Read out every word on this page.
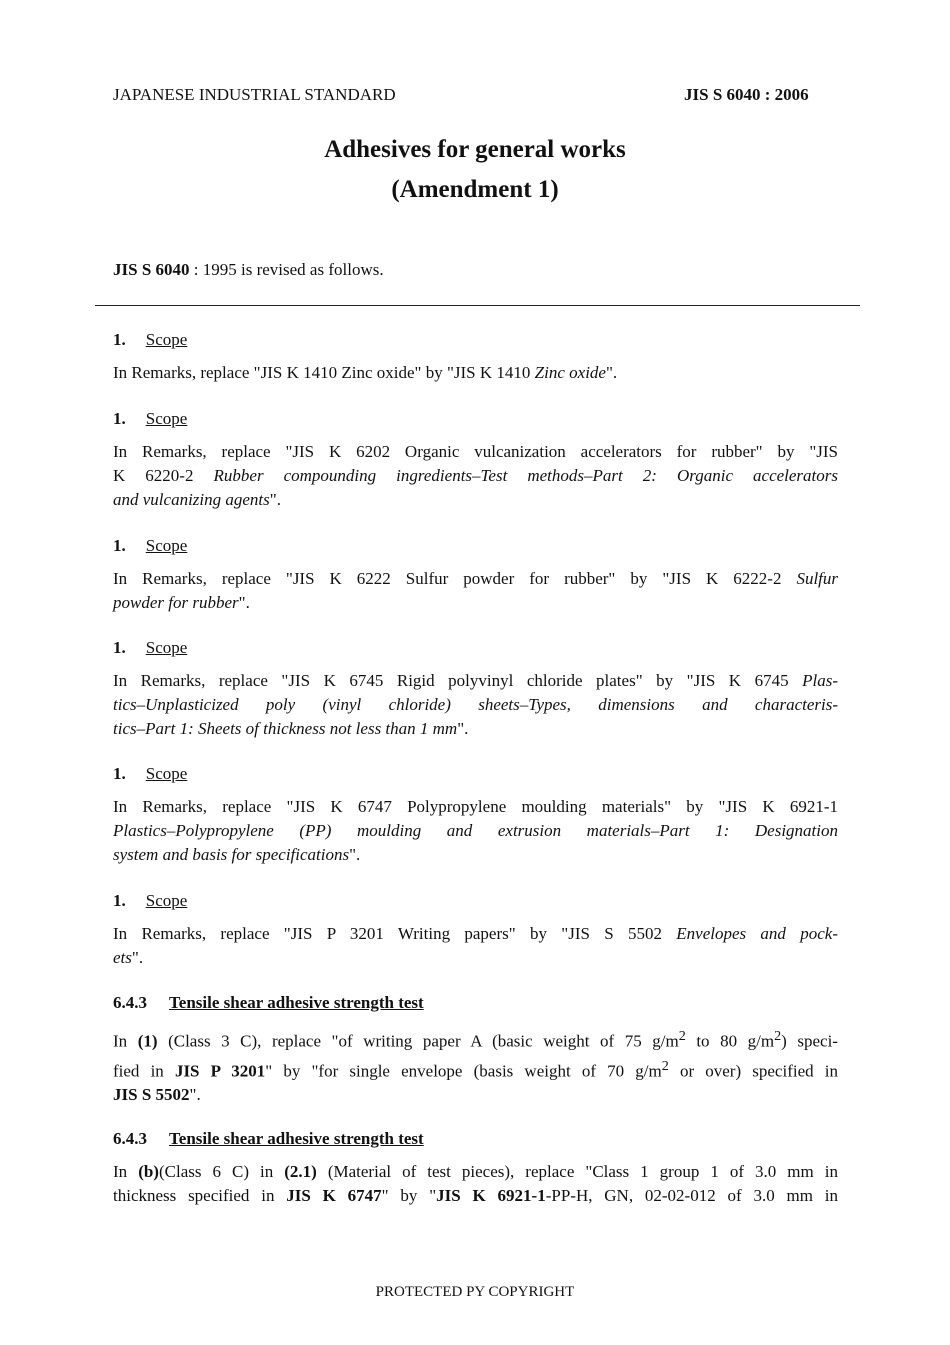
JAPANESE INDUSTRIAL STANDARD	JIS S 6040 : 2006
Adhesives for general works
(Amendment 1)
JIS S 6040 : 1995 is revised as follows.
1. Scope
In Remarks, replace "JIS K 1410 Zinc oxide" by "JIS K 1410 Zinc oxide".
1. Scope
In Remarks, replace "JIS K 6202 Organic vulcanization accelerators for rubber" by "JIS
K 6220-2 Rubber compounding ingredients–Test methods–Part 2: Organic accelerators
and vulcanizing agents".
1. Scope
In Remarks, replace "JIS K 6222 Sulfur powder for rubber" by "JIS K 6222-2 Sulfur
powder for rubber".
1. Scope
In Remarks, replace "JIS K 6745 Rigid polyvinyl chloride plates" by "JIS K 6745 Plas-
tics–Unplasticized poly (vinyl chloride) sheets–Types, dimensions and characteris-
tics–Part 1: Sheets of thickness not less than 1 mm".
1. Scope
In Remarks, replace "JIS K 6747 Polypropylene moulding materials" by "JIS K 6921-1
Plastics–Polypropylene (PP) moulding and extrusion materials–Part 1: Designation
system and basis for specifications".
1. Scope
In Remarks, replace "JIS P 3201 Writing papers" by "JIS S 5502 Envelopes and pock-
ets".
6.4.3 Tensile shear adhesive strength test
In (1) (Class 3 C), replace "of writing paper A (basic weight of 75 $g/m^2$ to 80 $g/m^2$) speci-
fied in JIS P 3201" by "for single envelope (basis weight of 70 $g/m^2$ or over) specified in
JIS S 5502".
6.4.3 Tensile shear adhesive strength test
In (b)(Class 6 C) in (2.1) (Material of test pieces), replace "Class 1 group 1 of 3.0 mm in
thickness specified in JIS K 6747" by "JIS K 6921-1-PP-H, GN, 02-02-012 of 3.0 mm in
PROTECTED PY COPYRIGHT
